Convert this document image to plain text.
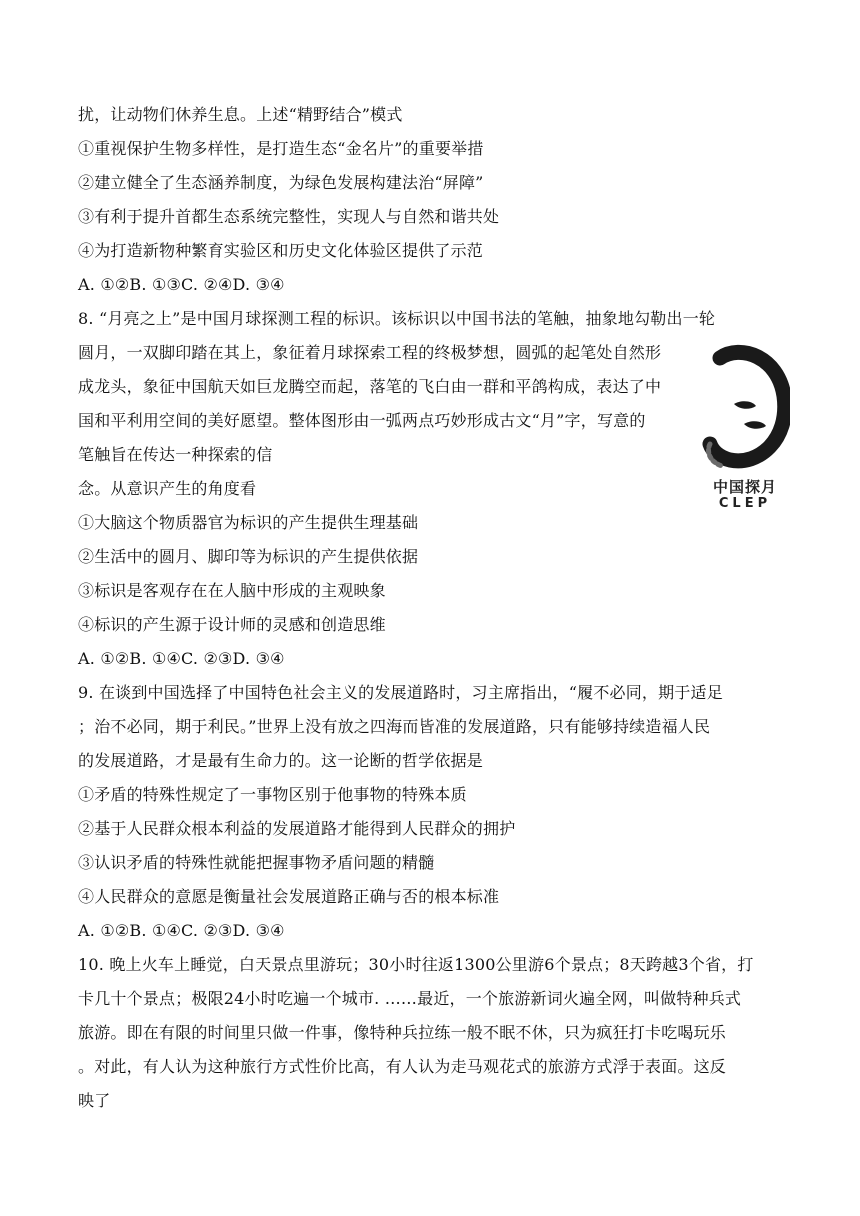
扰，让动物们休养生息。上述“精野结合”模式
①重视保护生物多样性，是打造生态“金名片”的重要举措
②建立健全了生态涵养制度，为绿色发展构建法治“屏障”
③有利于提升首都生态系统完整性，实现人与自然和谐共处
④为打造新物种繁育实验区和历史文化体验区提供了示范
A. ①②B. ①③C. ②④D. ③④
8. “月亮之上”是中国月球探测工程的标识。该标识以中国书法的笔触，抽象地勾勒出一轮
圆月，一双脚印踏在其上，象征着月球探索工程的终极梦想，圆弧的起笔处自然形
成龙头，象征中国航天如巨龙腾空而起，落笔的飞白由一群和平鸽构成，表达了中
国和平利用空间的美好愿望。整体图形由一弧两点巧妙形成古文“月”字，写意的
笔触旨在传达一种探索的信
念。从意识产生的角度看
①大脑这个物质器官为标识的产生提供生理基础
②生活中的圆月、脚印等为标识的产生提供依据
③标识是客观存在在人脑中形成的主观映象
④标识的产生源于设计师的灵感和创造思维
A. ①②B. ①④C. ②③D. ③④
9. 在谈到中国选择了中国特色社会主义的发展道路时，习主席指出，“履不必同，期于适足
；治不必同，期于利民。”世界上没有放之四海而皆准的发展道路，只有能够持续造福人民
的发展道路，才是最有生命力的。这一论断的哲学依据是
①矛盾的特殊性规定了一事物区别于他事物的特殊本质
②基于人民群众根本利益的发展道路才能得到人民群众的拥护
③认识矛盾的特殊性就能把握事物矛盾问题的精髓
④人民群众的意愿是衡量社会发展道路正确与否的根本标准
A. ①②B. ①④C. ②③D. ③④
10. 晚上火车上睡觉，白天景点里游玩；30小时往返1300公里游6个景点；8天跨越3个省，打
卡几十个景点；极限24小时吃遍一个城市. ……最近，一个旅游新词火遍全网，叫做特种兵式
旅游。即在有限的时间里只做一件事，像特种兵拉练一般不眠不休，只为疯狂打卡吃喝玩乐
。对此，有人认为这种旅行方式性价比高，有人认为走马观花式的旅游方式浮于表面。这反
映了
中国探月
CLEP
